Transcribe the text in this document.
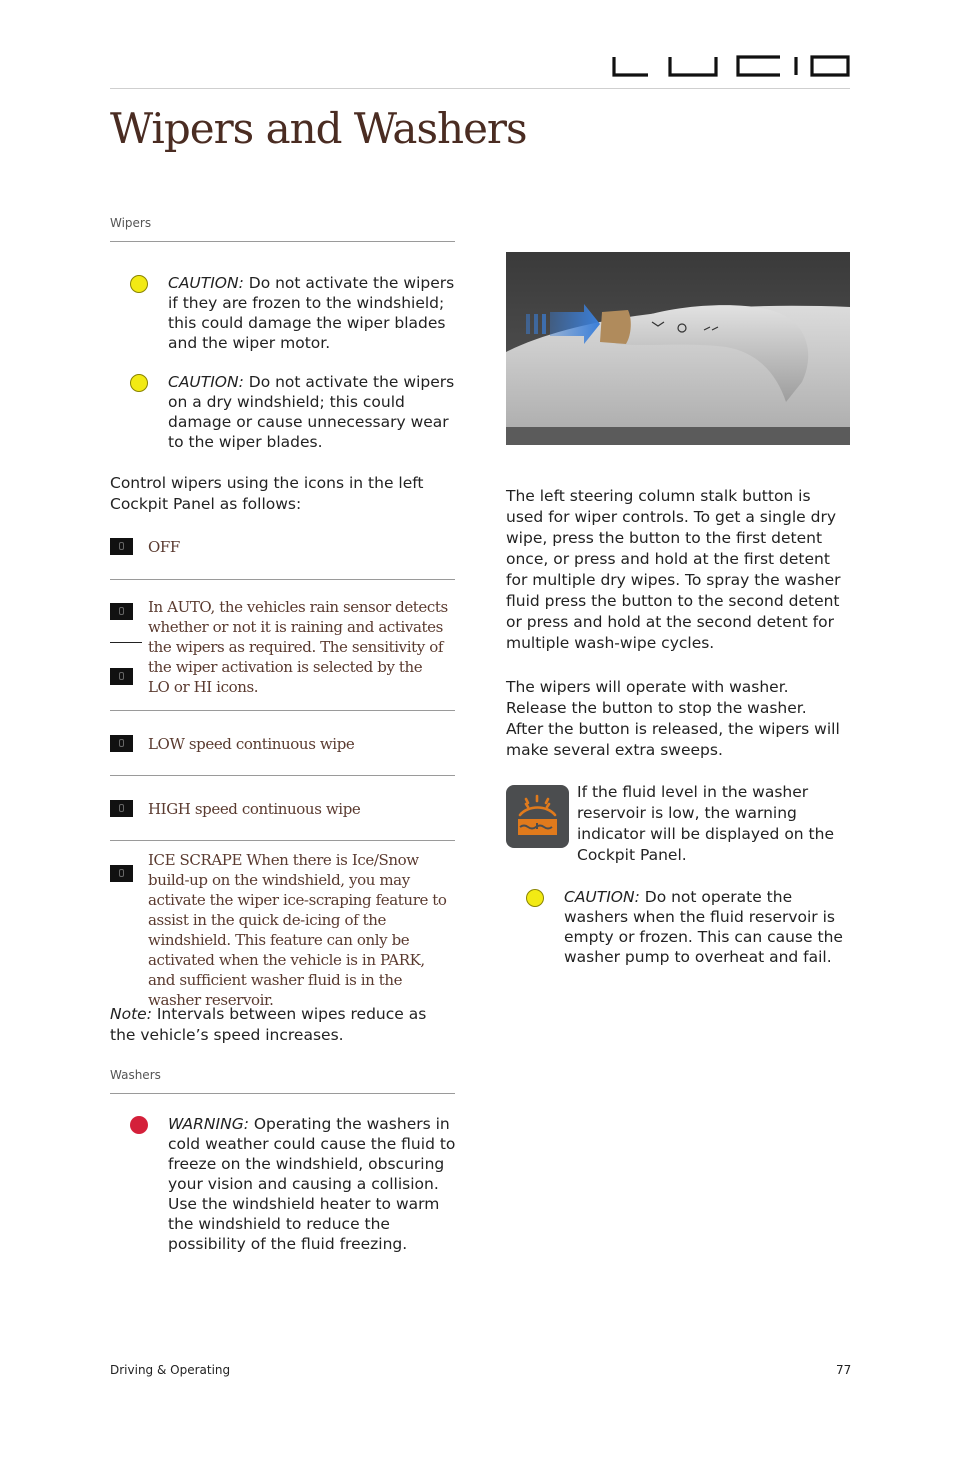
Wipers and Washers
Wipers
CAUTION: Do not activate the wipers if they are frozen to the windshield; this could damage the wiper blades and the wiper motor.
CAUTION: Do not activate the wipers on a dry windshield; this could damage or cause unnecessary wear to the wiper blades.
Control wipers using the icons in the left Cockpit Panel as follows:
OFF
In AUTO, the vehicles rain sensor detects whether or not it is raining and activates the wipers as required. The sensitivity of the wiper activation is selected by the LO or HI icons.
LOW speed continuous wipe
HIGH speed continuous wipe
ICE SCRAPE When there is Ice/Snow build-up on the windshield, you may activate the wiper ice-scraping feature to assist in the quick de-icing of the windshield. This feature can only be activated when the vehicle is in PARK, and sufficient washer fluid is in the washer reservoir.
Note: Intervals between wipes reduce as the vehicle’s speed increases.
Washers
WARNING: Operating the washers in cold weather could cause the fluid to freeze on the windshield, obscuring your vision and causing a collision. Use the windshield heater to warm the windshield to reduce the possibility of the fluid freezing.
The left steering column stalk button is used for wiper controls. To get a single dry wipe, press the button to the first detent once, or press and hold at the first detent for multiple dry wipes. To spray the washer fluid press the button to the second detent or press and hold at the second detent for multiple wash-wipe cycles.
The wipers will operate with washer. Release the button to stop the washer. After the button is released, the wipers will make several extra sweeps.
If the fluid level in the washer reservoir is low, the warning indicator will be displayed on the Cockpit Panel.
CAUTION: Do not operate the washers when the fluid reservoir is empty or frozen. This can cause the washer pump to overheat and fail.
Driving & Operating	77
